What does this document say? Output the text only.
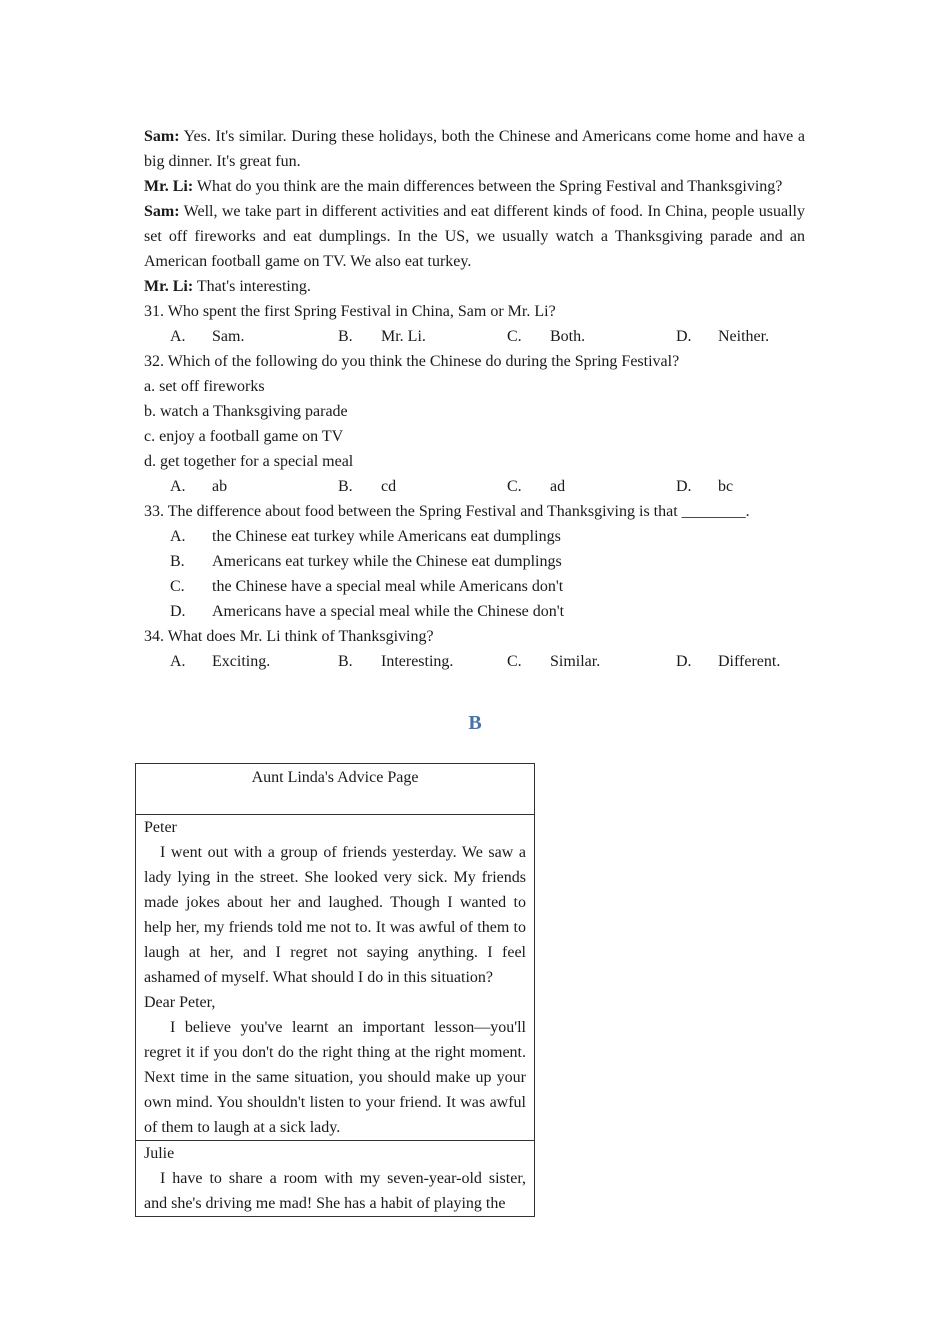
Sam: Yes. It's similar. During these holidays, both the Chinese and Americans come home and have a big dinner. It's great fun.
Mr. Li: What do you think are the main differences between the Spring Festival and Thanksgiving?
Sam: Well, we take part in different activities and eat different kinds of food. In China, people usually set off fireworks and eat dumplings. In the US, we usually watch a Thanksgiving parade and an American football game on TV. We also eat turkey.
Mr. Li: That's interesting.
31. Who spent the first Spring Festival in China, Sam or Mr. Li?
A. Sam.	B. Mr. Li.	C. Both.	D. Neither.
32. Which of the following do you think the Chinese do during the Spring Festival?
a. set off fireworks
b. watch a Thanksgiving parade
c. enjoy a football game on TV
d. get together for a special meal
A. ab	B. cd	C. ad	D. bc
33. The difference about food between the Spring Festival and Thanksgiving is that ________.
A. the Chinese eat turkey while Americans eat dumplings
B. Americans eat turkey while the Chinese eat dumplings
C. the Chinese have a special meal while Americans don't
D. Americans have a special meal while the Chinese don't
34. What does Mr. Li think of Thanksgiving?
A. Exciting.	B. Interesting.	C. Similar.	D. Different.
B
Aunt Linda's Advice Page
Peter
I went out with a group of friends yesterday. We saw a lady lying in the street. She looked very sick. My friends made jokes about her and laughed. Though I wanted to help her, my friends told me not to. It was awful of them to laugh at her, and I regret not saying anything. I feel ashamed of myself. What should I do in this situation?
Dear Peter,
I believe you've learnt an important lesson—you'll regret it if you don't do the right thing at the right moment. Next time in the same situation, you should make up your own mind. You shouldn't listen to your friend. It was awful of them to laugh at a sick lady.
Julie
I have to share a room with my seven-year-old sister, and she's driving me mad! She has a habit of playing the
